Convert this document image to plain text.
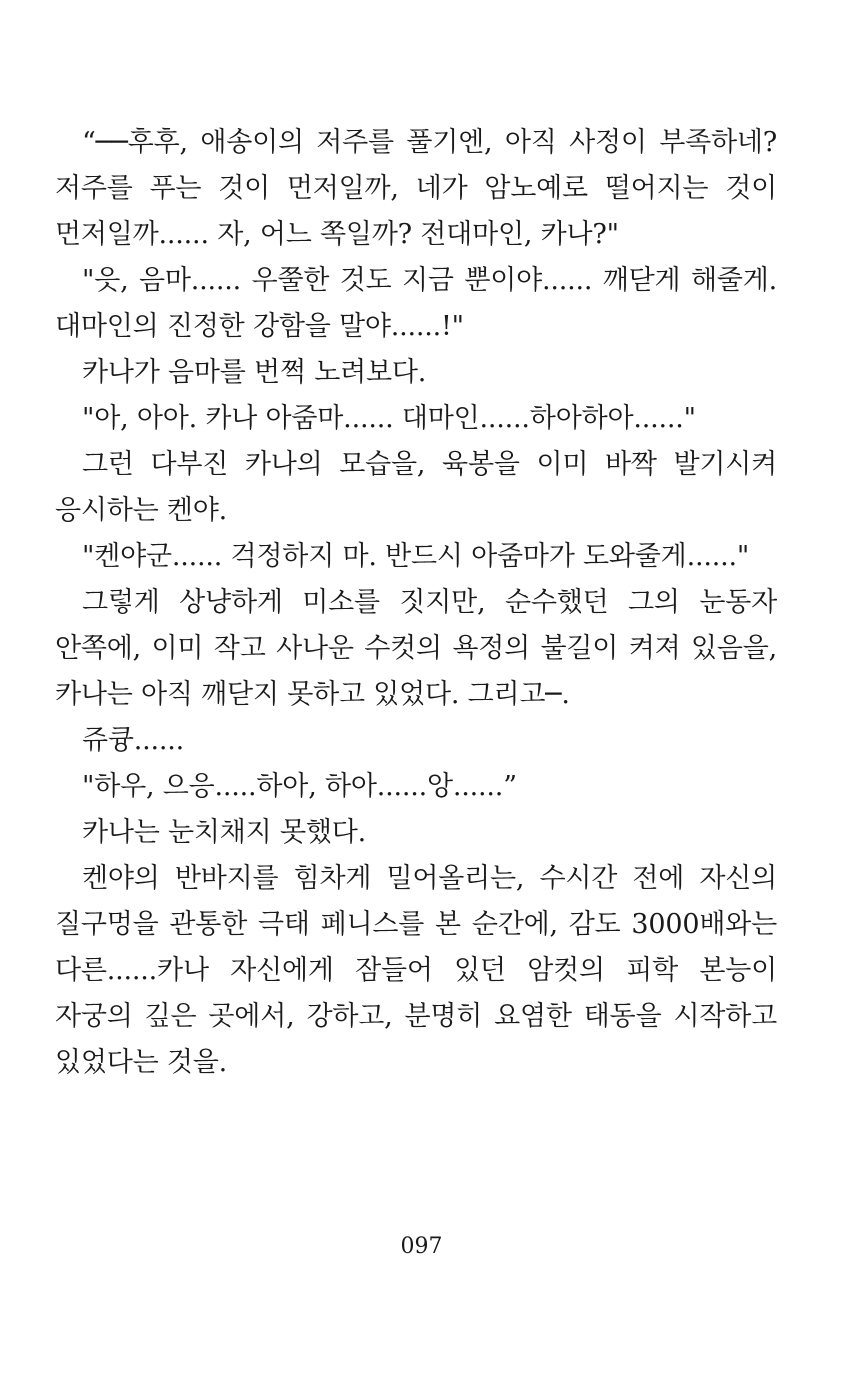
“──후후, 애송이의 저주를 풀기엔, 아직 사정이 부족하네?
저주를 푸는 것이 먼저일까, 네가 암노예로 떨어지는 것이
먼저일까...... 자, 어느 쪽일까? 전대마인, 카나?"
"읏, 음마...... 우쭐한 것도 지금 뿐이야...... 깨닫게 해줄게.
대마인의 진정한 강함을 말야......!"
카나가 음마를 번쩍 노려보다.
"아, 아아. 카나 아줌마...... 대마인......하아하아......"
그런 다부진 카나의 모습을, 육봉을 이미 바짝 발기시켜
응시하는 켄야.
"켄야군...... 걱정하지 마. 반드시 아줌마가 도와줄게......"
그렇게 상냥하게 미소를 짓지만, 순수했던 그의 눈동자
안쪽에, 이미 작고 사나운 수컷의 욕정의 불길이 켜져 있음을,
카나는 아직 깨닫지 못하고 있었다. 그리고─.
쥬큥......
"하우, 으응.....하아, 하아......앙......”
카나는 눈치채지 못했다.
켄야의 반바지를 힘차게 밀어올리는, 수시간 전에 자신의
질구멍을 관통한 극태 페니스를 본 순간에, 감도 3000배와는
다른......카나 자신에게 잠들어 있던 암컷의 피학 본능이
자궁의 깊은 곳에서, 강하고, 분명히 요염한 태동을 시작하고
있었다는 것을.
097
